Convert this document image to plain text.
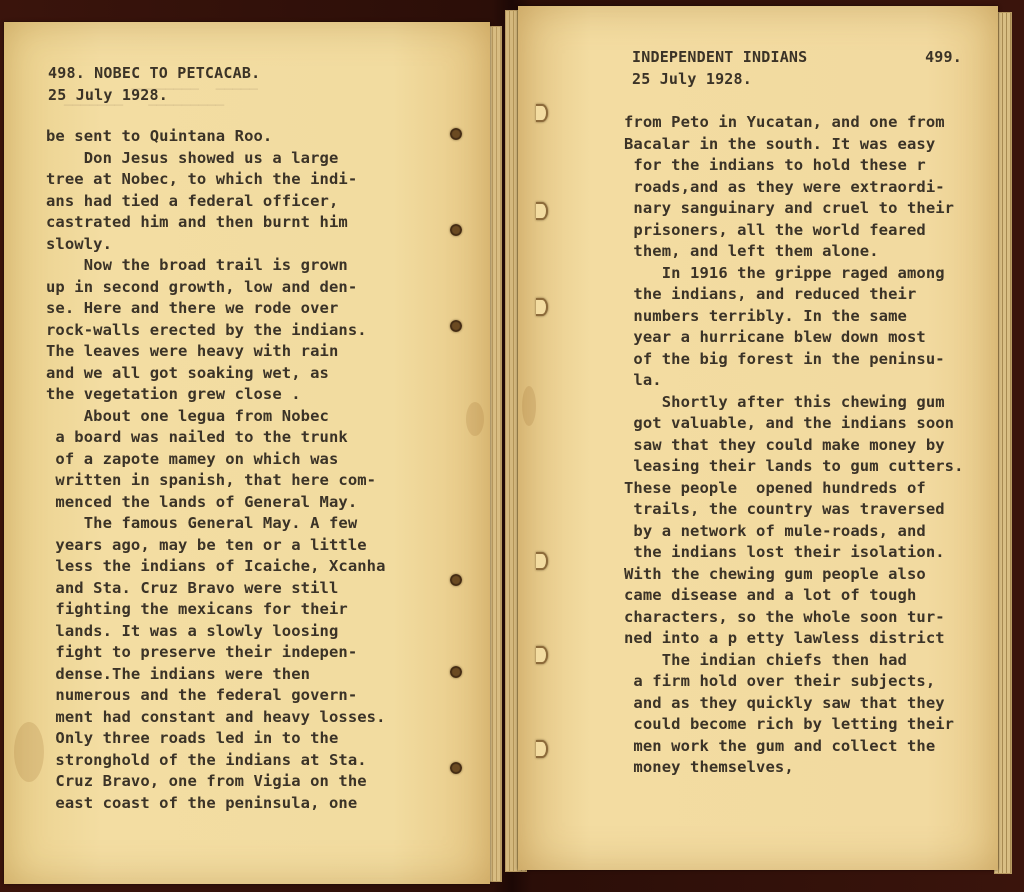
─────  ────────
─────────   ───────
498. NOBEC TO PETCACAB.
25 July 1928.
be sent to Quintana Roo.
Don Jesus showed us a large
tree at Nobec, to which the indi-
ans had tied a federal officer,
castrated him and then burnt him
slowly.
Now the broad trail is grown
up in second growth, low and den-
se. Here and there we rode over
rock-walls erected by the indians.
The leaves were heavy with rain
and we all got soaking wet, as
the vegetation grew close .
About one legua from Nobec
a board was nailed to the trunk
of a zapote mamey on which was
written in spanish, that here com-
menced the lands of General May.
The famous General May. A few
years ago, may be ten or a little
less the indians of Icaiche, Xcanha
and Sta. Cruz Bravo were still
fighting the mexicans for their
lands. It was a slowly loosing
fight to preserve their indepen-
dense.The indians were then
numerous and the federal govern-
ment had constant and heavy losses.
Only three roads led in to the
stronghold of the indians at Sta.
Cruz Bravo, one from Vigia on the
east coast of the peninsula, one
INDEPENDENT INDIANS	499.
25 July 1928.
from Peto in Yucatan, and one from
Bacalar in the south. It was easy
for the indians to hold these r
roads,and as they were extraordi-
nary sanguinary and cruel to their
prisoners, all the world feared
them, and left them alone.
In 1916 the grippe raged among
the indians, and reduced their
numbers terribly. In the same
year a hurricane blew down most
of the big forest in the peninsu-
la.
Shortly after this chewing gum
got valuable, and the indians soon
saw that they could make money by
leasing their lands to gum cutters.
These people  opened hundreds of
trails, the country was traversed
by a network of mule-roads, and
the indians lost their isolation.
With the chewing gum people also
came disease and a lot of tough
characters, so the whole soon tur-
ned into a p etty lawless district
The indian chiefs then had
a firm hold over their subjects,
and as they quickly saw that they
could become rich by letting their
men work the gum and collect the
money themselves,
